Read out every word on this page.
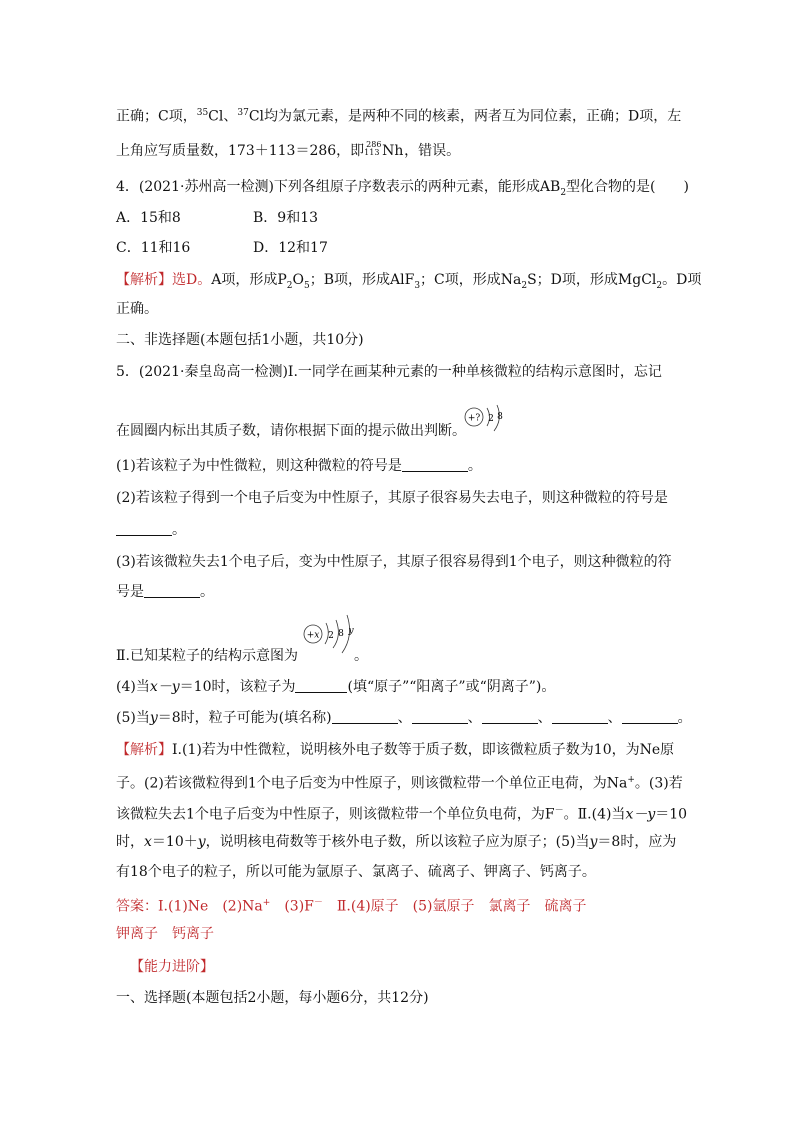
正确；C项，$^{35}$Cl、$^{37}$Cl均为氯元素，是两种不同的核素，两者互为同位素，正确；D项，左
上角应写质量数，173＋113＝286，即 286
113 Nh ，错误。
4．(2021·苏州高一检测)下列各组原子序数表示的两种元素，能形成$AB_2$型化合物的是(　　)
A．15和8	B．9和13
C．11和16	D．12和17
【解析】选D。A项，形成$P_2O_5$；B项，形成AlF$_3$；C项，形成$Na_2S$；D项，形成MgCl$_2$。D项
正确。
二、非选择题(本题包括1小题，共10分)
5．(2021·秦皇岛高一检测)Ⅰ.一同学在画某种元素的一种单核微粒的结构示意图时，忘记
在圆圈内标出其质子数，请你根据下面的提示做出判断。
+? 2 8
(1)若该粒子为中性微粒，则这种微粒的符号是	。
(2)若该粒子得到一个电子后变为中性原子，其原子很容易失去电子，则这种微粒的符号是
。
(3)若该微粒失去1个电子后，变为中性原子，其原子很容易得到1个电子，则这种微粒的符
号是	。
Ⅱ.已知某粒子的结构示意图为	。
+x 2 8 y
(4)当x－y＝10时，该粒子为	(填“原子”“阳离子”或“阴离子”)。
(5)当y＝8时，粒子可能为(填名称)	、	、	、	、	。
【解析】Ⅰ.(1)若为中性微粒，说明核外电子数等于质子数，即该微粒质子数为10，为Ne原
子。(2)若该微粒得到1个电子后变为中性原子，则该微粒带一个单位正电荷，为Na+。(3)若
该微粒失去1个电子后变为中性原子，则该微粒带一个单位负电荷，为F－。Ⅱ.(4)当x－y＝10
时，x＝10＋y，说明核电荷数等于核外电子数，所以该粒子应为原子；(5)当y＝8时，应为
有18个电子的粒子，所以可能为氩原子、氯离子、硫离子、钾离子、钙离子。
答案：Ⅰ.(1)Ne　(2)Na+　(3)F－　Ⅱ.(4)原子　(5)氩原子　氯离子　硫离子
钾离子　钙离子
【能力进阶】
一、选择题(本题包括2小题，每小题6分，共12分)
